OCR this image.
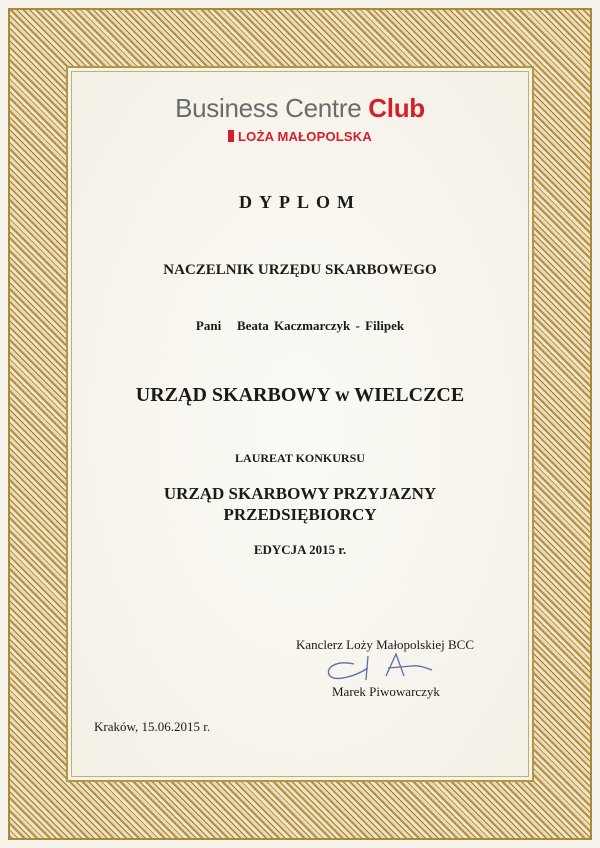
Business Centre Club
LOŻA MAŁOPOLSKA
DYPLOM
NACZELNIK URZĘDU SKARBOWEGO
Pani   Beata Kaczmarczyk - Filipek
URZĄD SKARBOWY w WIELCZCE
LAUREAT KONKURSU
URZĄD SKARBOWY PRZYJAZNY
PRZEDSIĘBIORCY
EDYCJA 2015 r.
Kanclerz Loży Małopolskiej BCC
Marek Piwowarczyk
Kraków, 15.06.2015 r.
